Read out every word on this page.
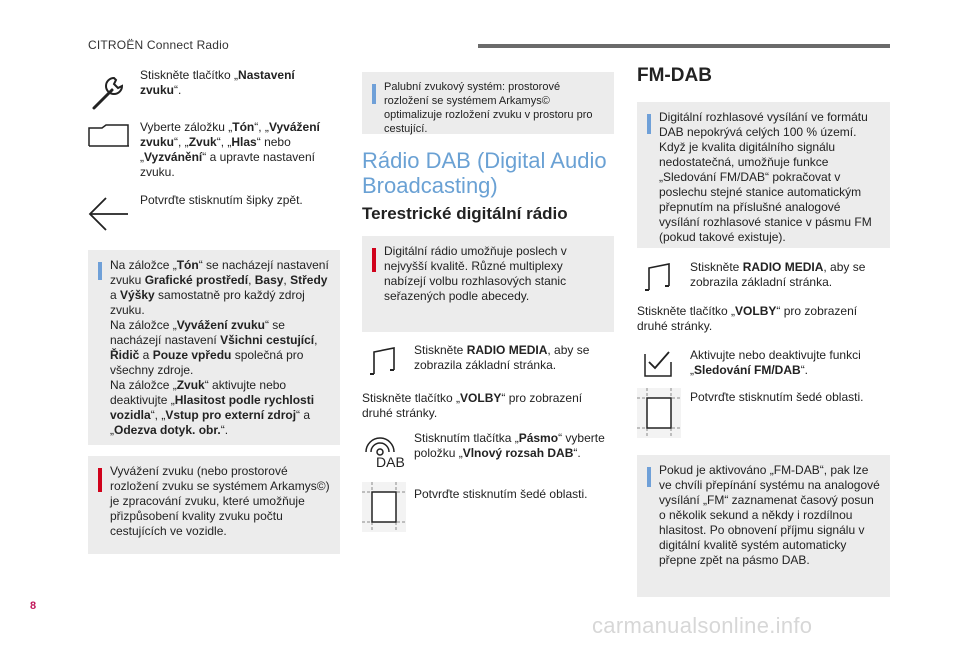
CITROËN Connect Radio
Stiskněte tlačítko „Nastavení zvuku“.
Vyberte záložku „Tón“, „Vyvážení zvuku“, „Zvuk“, „Hlas“ nebo „Vyzvánění“ a upravte nastavení zvuku.
Potvrďte stisknutím šipky zpět.
Na záložce „Tón“ se nacházejí nastavení zvuku Grafické prostředí, Basy, Středy a Výšky samostatně pro každý zdroj zvuku.
Na záložce „Vyvážení zvuku“ se nacházejí nastavení Všichni cestující, Řidič a Pouze vpředu společná pro všechny zdroje.
Na záložce „Zvuk“ aktivujte nebo deaktivujte „Hlasitost podle rychlosti vozidla“, „Vstup pro externí zdroj“ a „Odezva dotyk. obr.“.
Vyvážení zvuku (nebo prostorové rozložení zvuku se systémem Arkamys©) je zpracování zvuku, které umožňuje přizpůsobení kvality zvuku počtu cestujících ve vozidle.
Palubní zvukový systém: prostorové rozložení se systémem Arkamys© optimalizuje rozložení zvuku v prostoru pro cestující.
Rádio DAB (Digital Audio Broadcasting)
Terestrické digitální rádio
Digitální rádio umožňuje poslech v nejvyšší kvalitě. Různé multiplexy nabízejí volbu rozhlasových stanic seřazených podle abecedy.
Stiskněte RADIO MEDIA, aby se zobrazila základní stránka.
Stiskněte tlačítko „VOLBY“ pro zobrazení druhé stránky.
DAB
Stisknutím tlačítka „Pásmo“ vyberte položku „Vlnový rozsah DAB“.
Potvrďte stisknutím šedé oblasti.
FM-DAB
Digitální rozhlasové vysílání ve formátu DAB nepokrývá celých 100 % území. Když je kvalita digitálního signálu nedostatečná, umožňuje funkce „Sledování FM/DAB“ pokračovat v poslechu stejné stanice automatickým přepnutím na příslušné analogové vysílání rozhlasové stanice v pásmu FM (pokud takové existuje).
Stiskněte RADIO MEDIA, aby se zobrazila základní stránka.
Stiskněte tlačítko „VOLBY“ pro zobrazení druhé stránky.
Aktivujte nebo deaktivujte funkci „Sledování FM/DAB“.
Potvrďte stisknutím šedé oblasti.
Pokud je aktivováno „FM-DAB“, pak lze ve chvíli přepínání systému na analogové vysílání „FM“ zaznamenat časový posun o několik sekund a někdy i rozdílnou hlasitost. Po obnovení příjmu signálu v digitální kvalitě systém automaticky přepne zpět na pásmo DAB.
8
carmanualsonline.info
